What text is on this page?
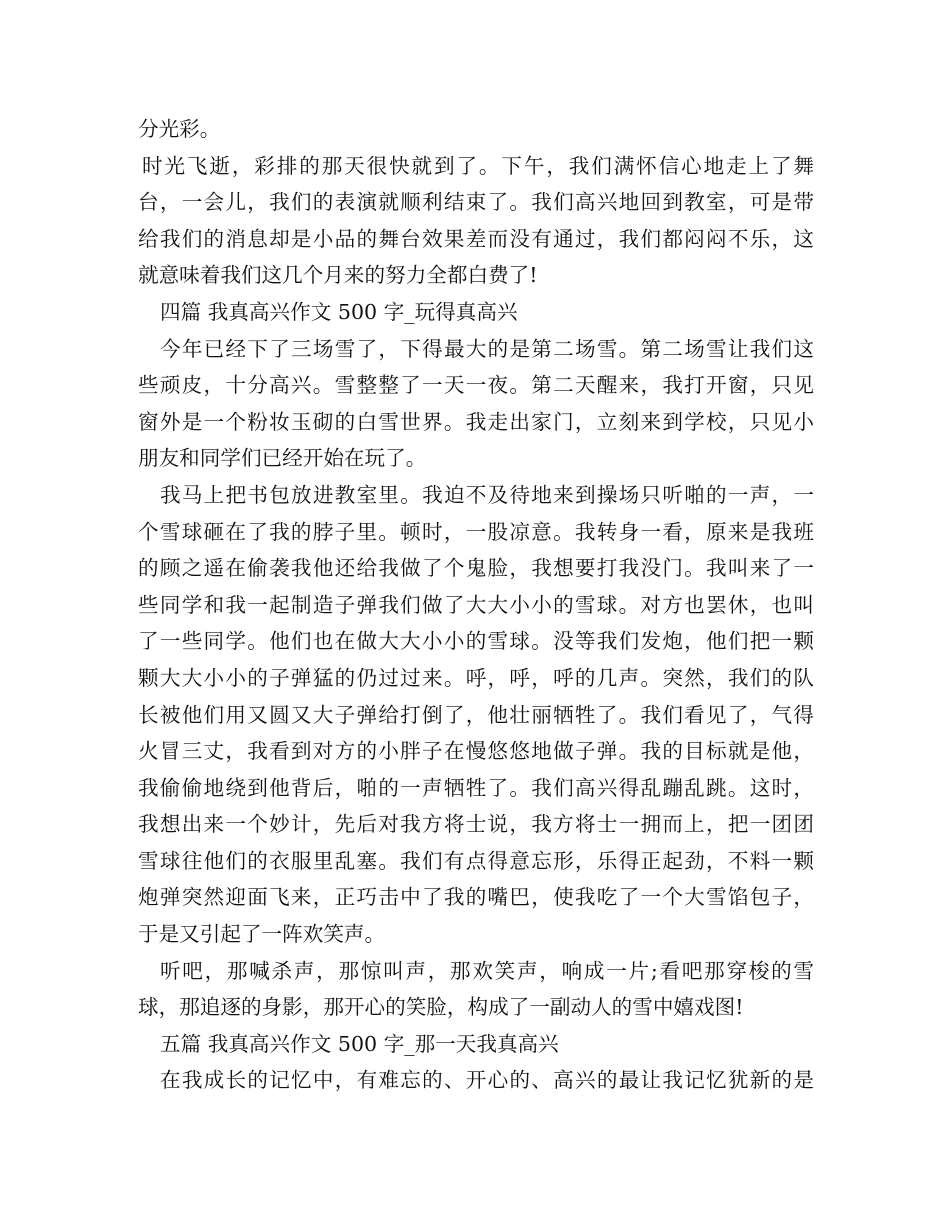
分光彩。
时光飞逝，彩排的那天很快就到了。下午，我们满怀信心地走上了舞
台，一会儿，我们的表演就顺利结束了。我们高兴地回到教室，可是带
给我们的消息却是小品的舞台效果差而没有通过，我们都闷闷不乐，这
就意味着我们这几个月来的努力全都白费了!
四篇 我真高兴作文 500 字_玩得真高兴
今年已经下了三场雪了，下得最大的是第二场雪。第二场雪让我们这
些顽皮，十分高兴。雪整整了一天一夜。第二天醒来，我打开窗，只见
窗外是一个粉妆玉砌的白雪世界。我走出家门，立刻来到学校，只见小
朋友和同学们已经开始在玩了。
我马上把书包放进教室里。我迫不及待地来到操场只听啪的一声，一
个雪球砸在了我的脖子里。顿时，一股凉意。我转身一看，原来是我班
的顾之遥在偷袭我他还给我做了个鬼脸，我想要打我没门。我叫来了一
些同学和我一起制造子弹我们做了大大小小的雪球。对方也罢休，也叫
了一些同学。他们也在做大大小小的雪球。没等我们发炮，他们把一颗
颗大大小小的子弹猛的仍过过来。呼，呼，呼的几声。突然，我们的队
长被他们用又圆又大子弹给打倒了，他壮丽牺牲了。我们看见了，气得
火冒三丈，我看到对方的小胖子在慢悠悠地做子弹。我的目标就是他，
我偷偷地绕到他背后，啪的一声牺牲了。我们高兴得乱蹦乱跳。这时，
我想出来一个妙计，先后对我方将士说，我方将士一拥而上，把一团团
雪球往他们的衣服里乱塞。我们有点得意忘形，乐得正起劲，不料一颗
炮弹突然迎面飞来，正巧击中了我的嘴巴，使我吃了一个大雪馅包子，
于是又引起了一阵欢笑声。
听吧，那喊杀声，那惊叫声，那欢笑声，响成一片;看吧那穿梭的雪
球，那追逐的身影，那开心的笑脸，构成了一副动人的雪中嬉戏图!
五篇 我真高兴作文 500 字_那一天我真高兴
在我成长的记忆中，有难忘的、开心的、高兴的最让我记忆犹新的是
